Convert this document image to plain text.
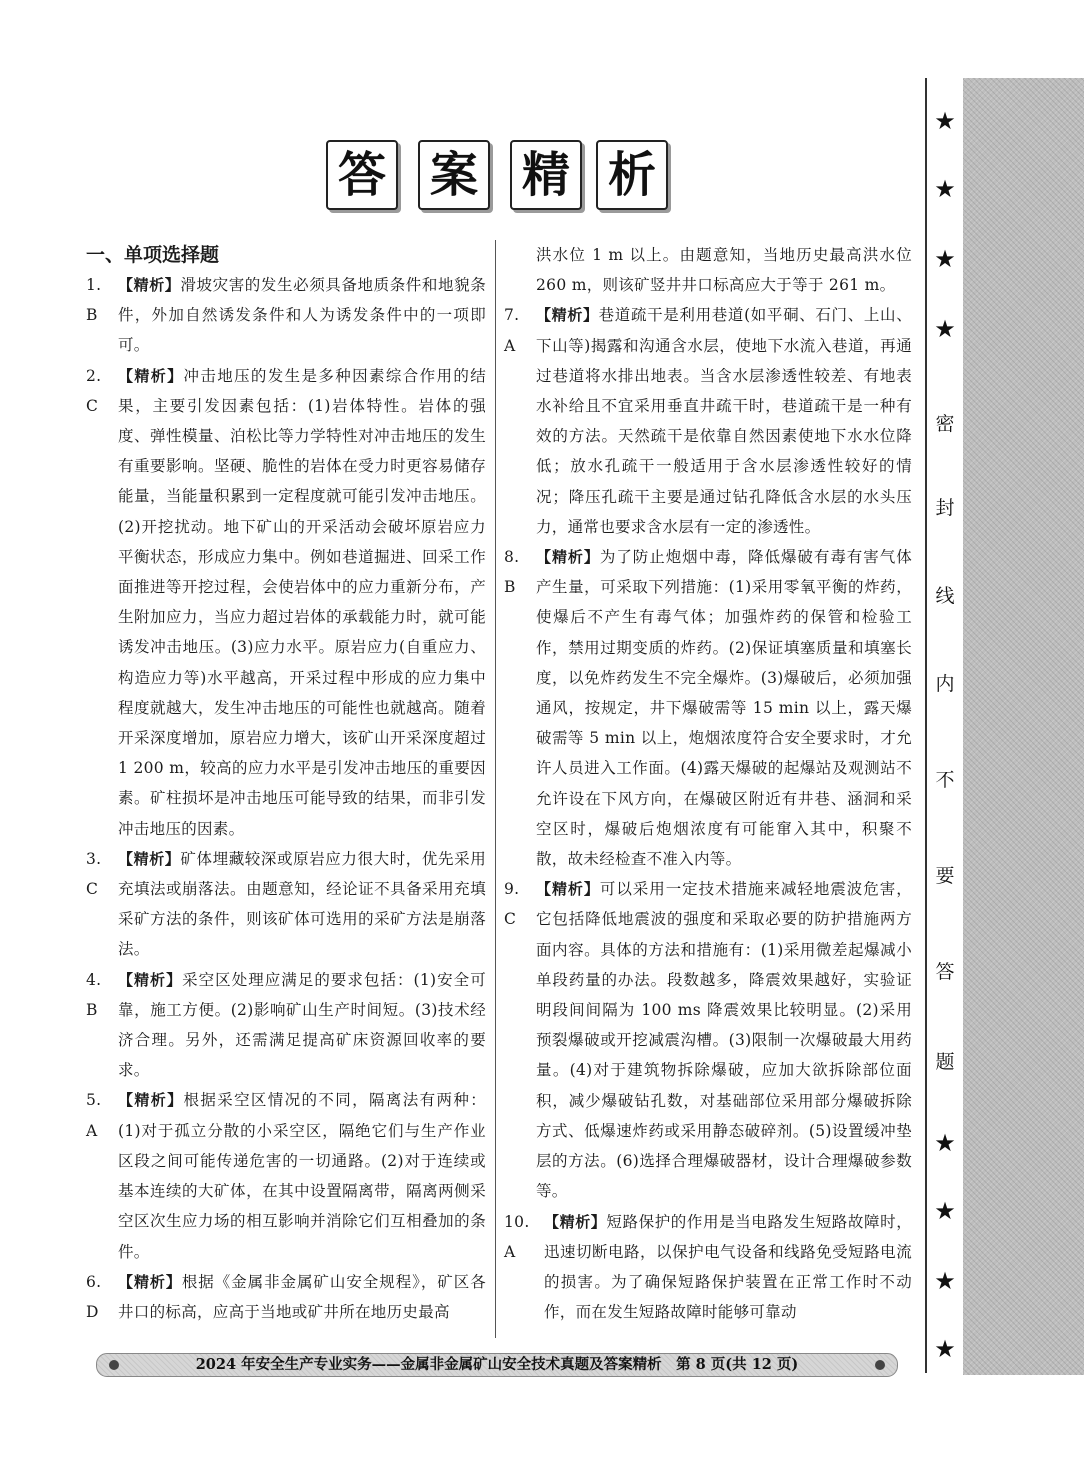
答 案 精 析
一、单项选择题

1. B
【精析】滑坡灾害的发生必须具备地质条件和地貌条件，外加自然诱发条件和人为诱发条件中的一项即可。

2. C
【精析】冲击地压的发生是多种因素综合作用的结果，主要引发因素包括：(1)岩体特性。岩体的强度、弹性模量、泊松比等力学特性对冲击地压的发生有重要影响。坚硬、脆性的岩体在受力时更容易储存能量，当能量积累到一定程度就可能引发冲击地压。(2)开挖扰动。地下矿山的开采活动会破坏原岩应力平衡状态，形成应力集中。例如巷道掘进、回采工作面推进等开挖过程，会使岩体中的应力重新分布，产生附加应力，当应力超过岩体的承载能力时，就可能诱发冲击地压。(3)应力水平。原岩应力(自重应力、构造应力等)水平越高，开采过程中形成的应力集中程度就越大，发生冲击地压的可能性也就越高。随着开采深度增加，原岩应力增大，该矿山开采深度超过 1 200 m，较高的应力水平是引发冲击地压的重要因素。矿柱损坏是冲击地压可能导致的结果，而非引发冲击地压的因素。

3. C
【精析】矿体埋藏较深或原岩应力很大时，优先采用充填法或崩落法。由题意知，经论证不具备采用充填采矿方法的条件，则该矿体可选用的采矿方法是崩落法。

4. B
【精析】采空区处理应满足的要求包括：(1)安全可靠，施工方便。(2)影响矿山生产时间短。(3)技术经济合理。另外，还需满足提高矿床资源回收率的要求。

5. A
【精析】根据采空区情况的不同，隔离法有两种：(1)对于孤立分散的小采空区，隔绝它们与生产作业区段之间可能传递危害的一切通路。(2)对于连续或基本连续的大矿体，在其中设置隔离带，隔离两侧采空区次生应力场的相互影响并消除它们互相叠加的条件。

6. D
【精析】根据《金属非金属矿山安全规程》，矿区各井口的标高，应高于当地或矿井所在地历史最高

洪水位 1 m 以上。由题意知，当地历史最高洪水位 260 m，则该矿竖井井口标高应大于等于 261 m。

7. A
【精析】巷道疏干是利用巷道(如平硐、石门、上山、下山等)揭露和沟通含水层，使地下水流入巷道，再通过巷道将水排出地表。当含水层渗透性较差、有地表水补给且不宜采用垂直井疏干时，巷道疏干是一种有效的方法。天然疏干是依靠自然因素使地下水水位降低；放水孔疏干一般适用于含水层渗透性较好的情况；降压孔疏干主要是通过钻孔降低含水层的水头压力，通常也要求含水层有一定的渗透性。

8. B
【精析】为了防止炮烟中毒，降低爆破有毒有害气体产生量，可采取下列措施：(1)采用零氧平衡的炸药，使爆后不产生有毒气体；加强炸药的保管和检验工作，禁用过期变质的炸药。(2)保证填塞质量和填塞长度，以免炸药发生不完全爆炸。(3)爆破后，必须加强通风，按规定，井下爆破需等 15 min 以上，露天爆破需等 5 min 以上，炮烟浓度符合安全要求时，才允许人员进入工作面。(4)露天爆破的起爆站及观测站不允许设在下风方向，在爆破区附近有井巷、涵洞和采空区时，爆破后炮烟浓度有可能窜入其中，积聚不散，故未经检查不准入内等。

9. C
【精析】可以采用一定技术措施来减轻地震波危害，它包括降低地震波的强度和采取必要的防护措施两方面内容。具体的方法和措施有：(1)采用微差起爆减小单段药量的办法。段数越多，降震效果越好，实验证明段间间隔为 100 ms 降震效果比较明显。(2)采用预裂爆破或开挖减震沟槽。(3)限制一次爆破最大用药量。(4)对于建筑物拆除爆破，应加大欲拆除部位面积，减少爆破钻孔数，对基础部位采用部分爆破拆除方式、低爆速炸药或采用静态破碎剂。(5)设置缓冲垫层的方法。(6)选择合理爆破器材，设计合理爆破参数等。

10. A
【精析】短路保护的作用是当电路发生短路故障时，迅速切断电路，以保护电气设备和线路免受短路电流的损害。为了确保短路保护装置在正常工作时不动作，而在发生短路故障时能够可靠动

★
★
★
★
密
封
线
内
不
要
答
题
★
★
★
★
2024 年安全生产专业实务——金属非金属矿山安全技术真题及答案精析　第 8 页(共 12 页)
